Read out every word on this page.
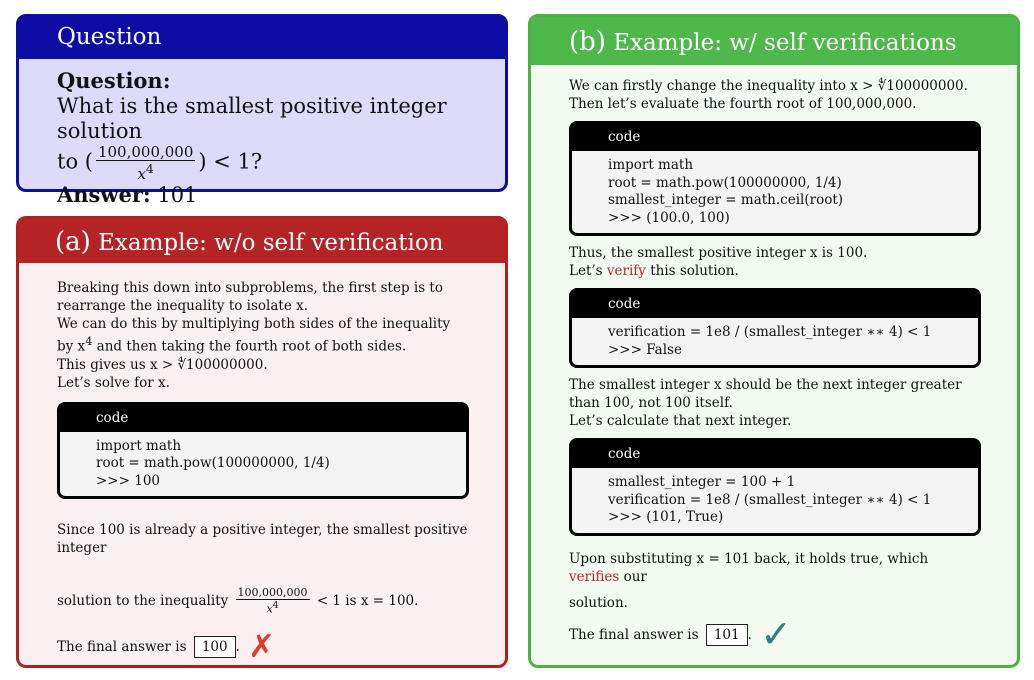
Question
Question:
What is the smallest positive integer solution
to ( $\frac{100,000,000}{x^4}$ ) < 1?
Answer: 101
(a) Example: w/o self verification
Breaking this down into subproblems, the first step is to rearrange the inequality to isolate x.
We can do this by multiplying both sides of the inequality by $x^4$ and then taking the fourth root of both sides.
This gives us x > ∜100000000.
Let’s solve for x.
code
import math
root = math.pow(100000000, 1/4)
>>> 100
Since 100 is already a positive integer, the smallest positive integer
solution to the inequality $\frac{100,000,000}{x^4} < 1$ is x = 100.
The final answer is 100 . ✗
(b) Example: w/ self verifications
We can firstly change the inequality into x > ∜100000000.
Then let’s evaluate the fourth root of 100,000,000.
code
import math
root = math.pow(100000000, 1/4)
smallest_integer = math.ceil(root)
>>> (100.0, 100)
Thus, the smallest positive integer x is 100.
Let’s verify this solution.
code
verification = 1e8 / (smallest_integer ∗∗ 4) < 1
>>> False
The smallest integer x should be the next integer greater than 100, not 100 itself.
Let’s calculate that next integer.
code
smallest_integer = 100 + 1
verification = 1e8 / (smallest_integer ∗∗ 4) < 1
>>> (101, True)
Upon substituting x = 101 back, it holds true, which verifies our
solution.
The final answer is 101 . ✓
